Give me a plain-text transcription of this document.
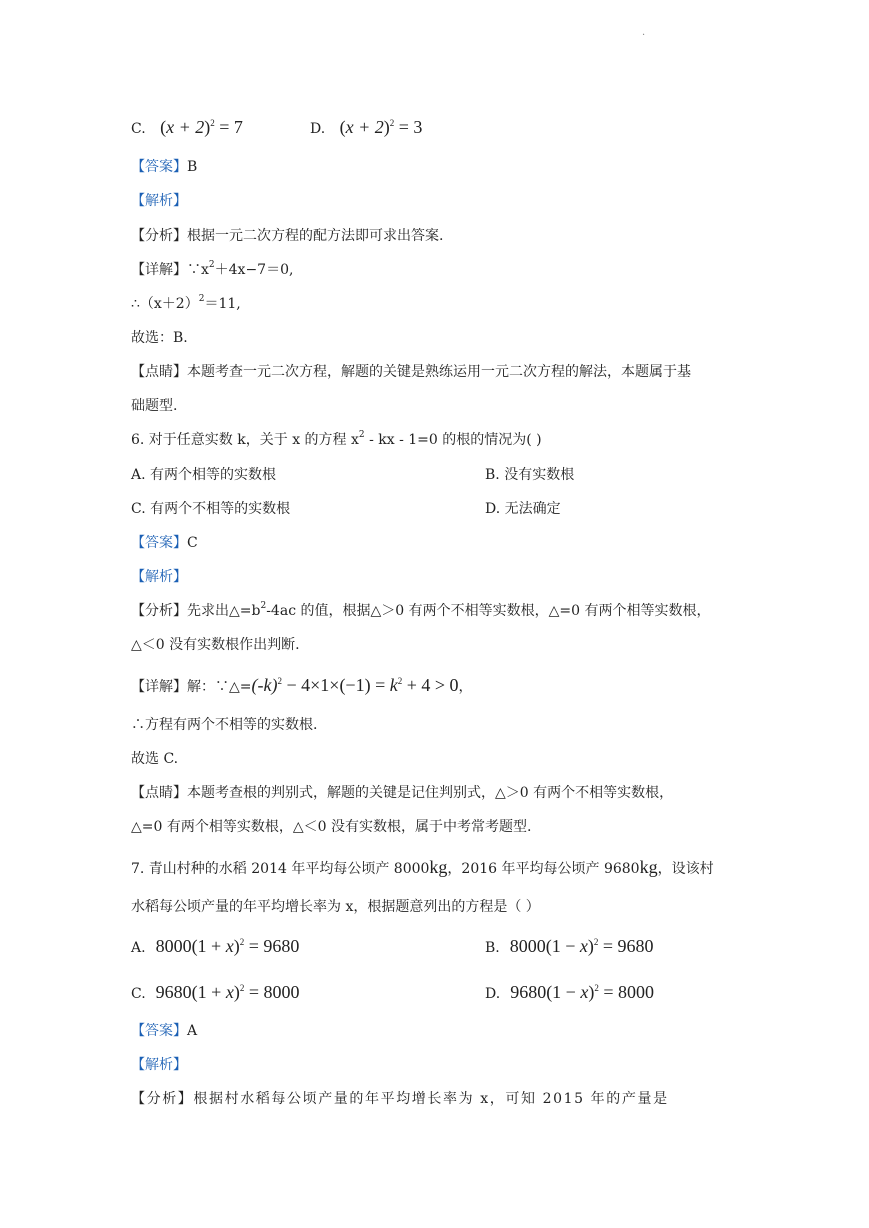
·
C. $(x + 2)^2 = 7$	D. $(x + 2)^2 = 3$
【答案】B
【解析】
【分析】根据一元二次方程的配方法即可求出答案.
【详解】$\because x^2+4x-7=0$,
$\therefore(x+2)^2=11$,
故选：B.
【点睛】本题考查一元二次方程，解题的关键是熟练运用一元二次方程的解法，本题属于基
础题型.
6. 对于任意实数 k，关于 x 的方程 $x^2$ - kx - 1=0 的根的情况为( )
A. 有两个相等的实数根	B. 没有实数根
C. 有两个不相等的实数根	D. 无法确定
【答案】C
【解析】
【分析】先求出$\triangle=b^2-4ac$ 的值，根据△＞0 有两个不相等实数根，△=0 有两个相等实数根，
△＜0 没有实数根作出判断.
【详解】解：$\because\triangle=(-k)^2 - 4\times 1\times(-1) = k^2 + 4 > 0$，
∴方程有两个不相等的实数根.
故选 C.
【点睛】本题考查根的判别式，解题的关键是记住判别式，△＞0 有两个不相等实数根，
△=0 有两个相等实数根，△＜0 没有实数根，属于中考常考题型.
7. 青山村种的水稻 2014 年平均每公顷产 8000kg，2016 年平均每公顷产 9680kg，设该村
水稻每公顷产量的年平均增长率为 x，根据题意列出的方程是（ ）
A. $8000(1 + x)^2 = 9680$	B. $8000(1 - x)^2 = 9680$
C. $9680(1 + x)^2 = 8000$	D. $9680(1 - x)^2 = 8000$
【答案】A
【解析】
【分析】根据村水稻每公顷产量的年平均增长率为 x，可知 2015 年的产量是
